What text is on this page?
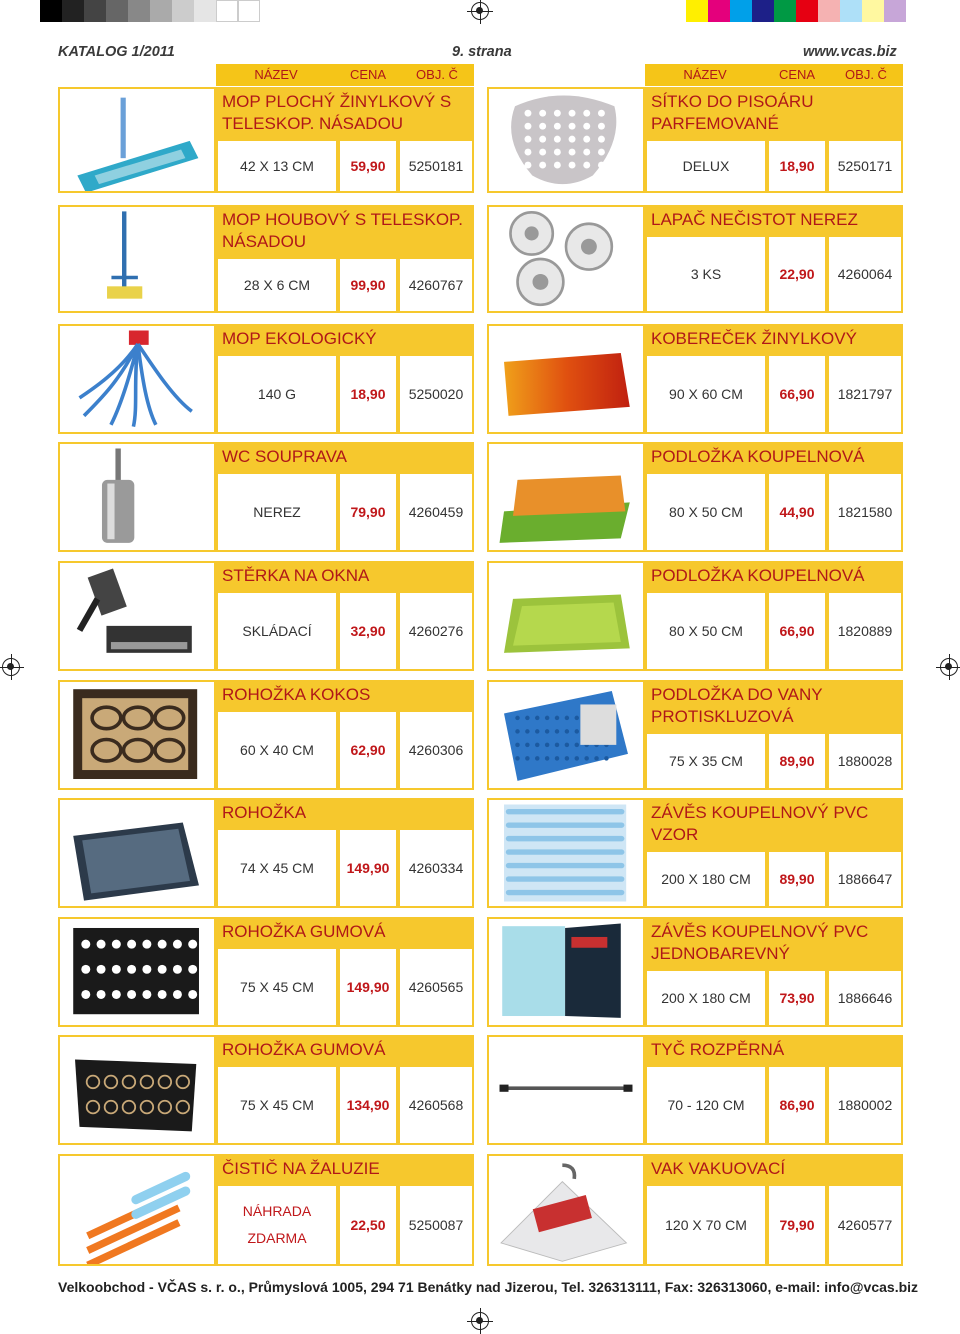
KATALOG 1/2011	9. strana	www.vcas.biz
NÁZEV	CENA	OBJ. Č	NÁZEV	CENA	OBJ. Č
MOP PLOCHÝ ŽINYLKOVÝ S TELESKOP. NÁSADOU
42 X 13 CM	59,90	5250181
MOP HOUBOVÝ S TELESKOP. NÁSADOU
28 X 6 CM	99,90	4260767
MOP EKOLOGICKÝ
140 G	18,90	5250020
WC SOUPRAVA
NEREZ	79,90	4260459
STĚRKA NA OKNA
SKLÁDACÍ	32,90	4260276
ROHOŽKA KOKOS
60 X 40 CM	62,90	4260306
ROHOŽKA
74 X 45 CM	149,90	4260334
ROHOŽKA GUMOVÁ
75 X 45 CM	149,90	4260565
ROHOŽKA GUMOVÁ
75 X 45 CM	134,90	4260568
ČISTIČ NA ŽALUZIE
NÁHRADA ZDARMA
22,50	5250087
SÍTKO DO PISOÁRU PARFEMOVANÉ
DELUX	18,90	5250171
LAPAČ NEČISTOT NEREZ
3 KS	22,90	4260064
KOBEREČEK ŽINYLKOVÝ
90 X 60 CM	66,90	1821797
PODLOŽKA KOUPELNOVÁ
80 X 50 CM	44,90	1821580
PODLOŽKA KOUPELNOVÁ
80 X 50 CM	66,90	1820889
PODLOŽKA DO VANY PROTISKLUZOVÁ
75 X 35 CM	89,90	1880028
ZÁVĚS KOUPELNOVÝ PVC VZOR
200 X 180 CM	89,90	1886647
ZÁVĚS KOUPELNOVÝ PVC JEDNOBAREVNÝ
200 X 180 CM	73,90	1886646
TYČ ROZPĚRNÁ
70 - 120 CM	86,90	1880002
VAK VAKUOVACÍ
120 X 70 CM	79,90	4260577
Velkoobchod - VČAS s. r. o., Průmyslová 1005, 294 71 Benátky nad Jizerou, Tel. 326313111, Fax: 326313060, e-mail: info@vcas.biz
